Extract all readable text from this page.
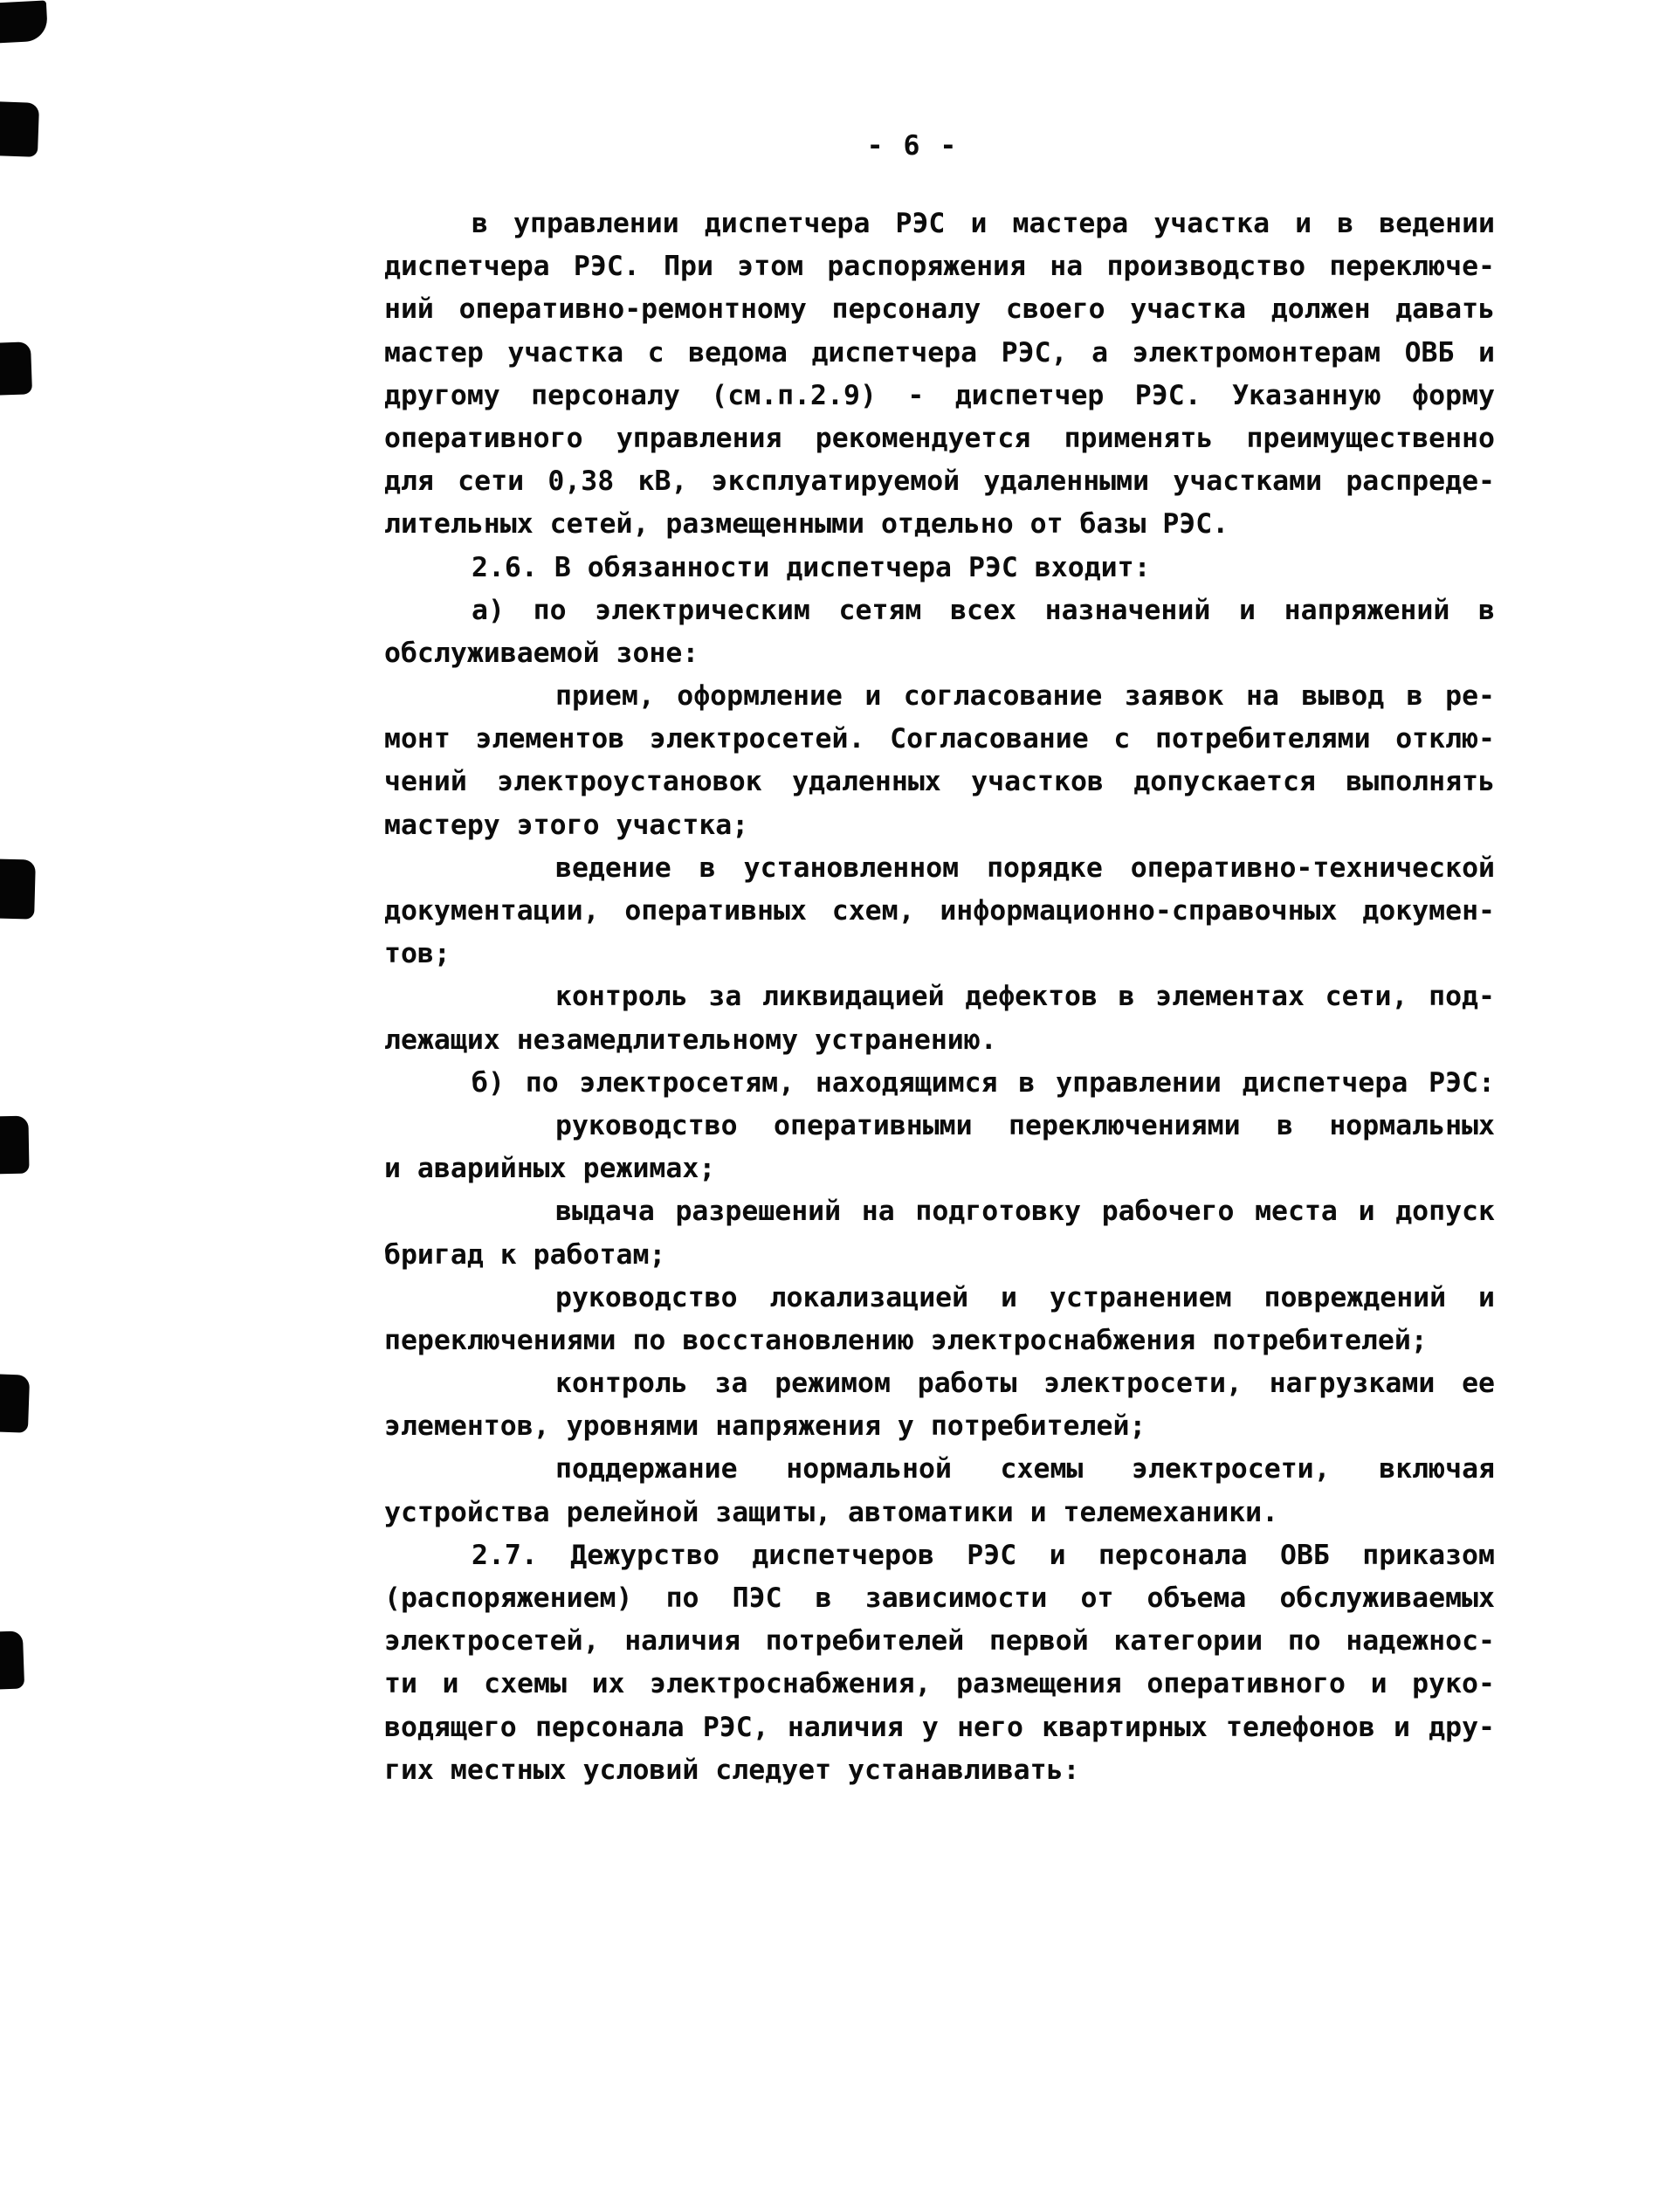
- 6 -
в управлении диспетчера РЭС и мастера участка и в ведении
диспетчера РЭС. При этом распоряжения на производство переключе-
ний оперативно-ремонтному персоналу своего участка должен давать
мастер участка с ведома диспетчера РЭС, а электромонтерам ОВБ и
другому персоналу (см.п.2.9) - диспетчер РЭС. Указанную форму
оперативного управления рекомендуется применять преимущественно
для сети 0,38 кВ, эксплуатируемой удаленными участками распреде-
лительных сетей, размещенными отдельно от базы РЭС.
2.6. В обязанности диспетчера РЭС входит:
а) по электрическим сетям всех назначений и напряжений в
обслуживаемой зоне:
прием, оформление и согласование заявок на вывод в ре-
монт элементов электросетей. Согласование с потребителями отклю-
чений электроустановок удаленных участков допускается выполнять
мастеру этого участка;
ведение в установленном порядке оперативно-технической
документации, оперативных схем, информационно-справочных докумен-
тов;
контроль за ликвидацией дефектов в элементах сети, под-
лежащих незамедлительному устранению.
б) по электросетям, находящимся в управлении диспетчера РЭС:
руководство оперативными переключениями в нормальных
и аварийных режимах;
выдача разрешений на подготовку рабочего места и допуск
бригад к работам;
руководство локализацией и устранением повреждений и
переключениями по восстановлению электроснабжения потребителей;
контроль за режимом работы электросети, нагрузками ее
элементов, уровнями напряжения у потребителей;
поддержание нормальной схемы электросети, включая
устройства релейной защиты, автоматики и телемеханики.
2.7. Дежурство диспетчеров РЭС и персонала ОВБ приказом
(распоряжением) по ПЭС в зависимости от объема обслуживаемых
электросетей, наличия потребителей первой категории по надежнос-
ти и схемы их электроснабжения, размещения оперативного и руко-
водящего персонала РЭС, наличия у него квартирных телефонов и дру-
гих местных условий следует устанавливать:
